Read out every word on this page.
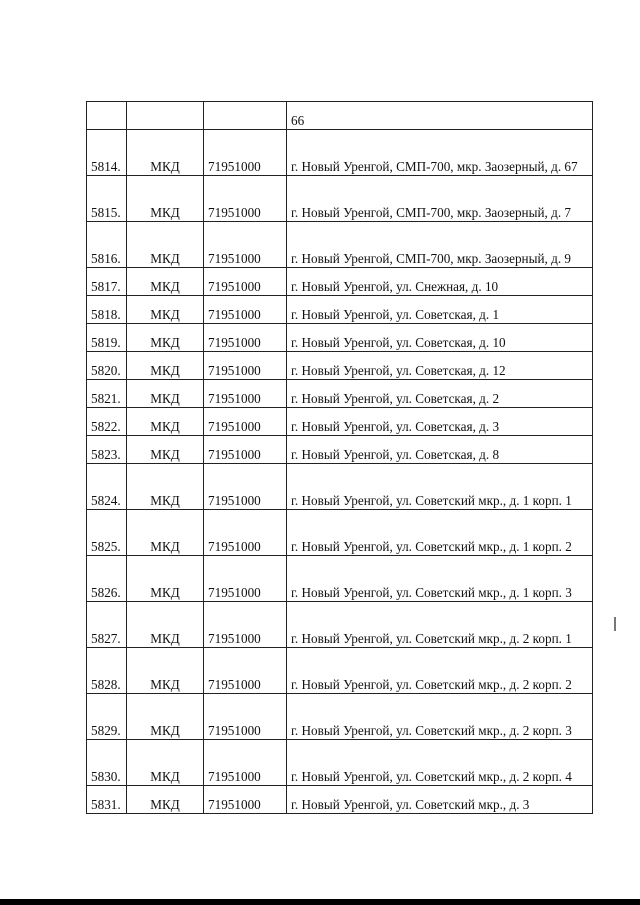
			66
5814.	МКД	71951000	г. Новый Уренгой, СМП-700, мкр. Заозерный, д. 67
5815.	МКД	71951000	г. Новый Уренгой, СМП-700, мкр. Заозерный, д. 7
5816.	МКД	71951000	г. Новый Уренгой, СМП-700, мкр. Заозерный, д. 9
5817.	МКД	71951000	г. Новый Уренгой, ул. Снежная, д. 10
5818.	МКД	71951000	г. Новый Уренгой, ул. Советская, д. 1
5819.	МКД	71951000	г. Новый Уренгой, ул. Советская, д. 10
5820.	МКД	71951000	г. Новый Уренгой, ул. Советская, д. 12
5821.	МКД	71951000	г. Новый Уренгой, ул. Советская, д. 2
5822.	МКД	71951000	г. Новый Уренгой, ул. Советская, д. 3
5823.	МКД	71951000	г. Новый Уренгой, ул. Советская, д. 8
5824.	МКД	71951000	г. Новый Уренгой, ул. Советский мкр., д. 1 корп. 1
5825.	МКД	71951000	г. Новый Уренгой, ул. Советский мкр., д. 1 корп. 2
5826.	МКД	71951000	г. Новый Уренгой, ул. Советский мкр., д. 1 корп. 3
5827.	МКД	71951000	г. Новый Уренгой, ул. Советский мкр., д. 2 корп. 1
5828.	МКД	71951000	г. Новый Уренгой, ул. Советский мкр., д. 2 корп. 2
5829.	МКД	71951000	г. Новый Уренгой, ул. Советский мкр., д. 2 корп. 3
5830.	МКД	71951000	г. Новый Уренгой, ул. Советский мкр., д. 2 корп. 4
5831.	МКД	71951000	г. Новый Уренгой, ул. Советский мкр., д. 3
